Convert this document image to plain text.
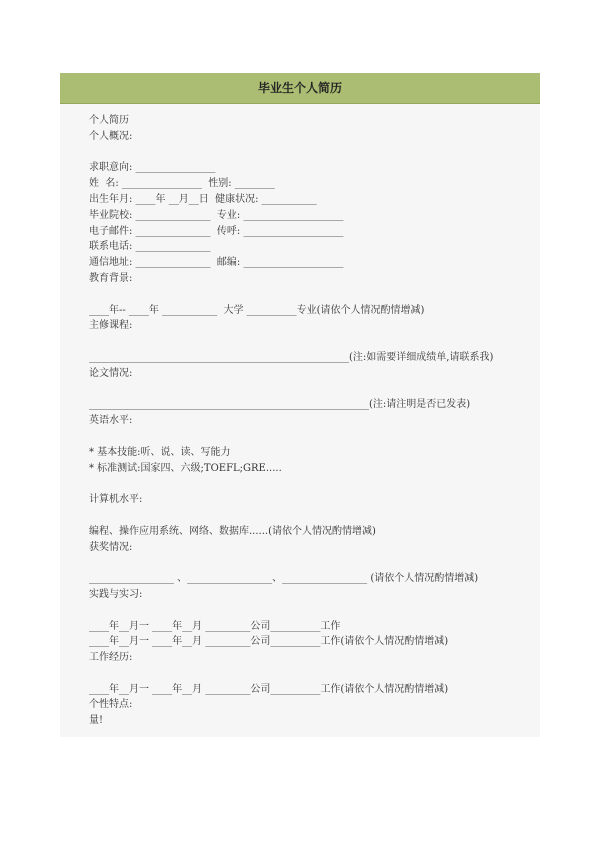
毕业生个人简历
个人简历
个人概况:
求职意向: ________________
姓  名: ________________  性别: ________
出生年月: ____年 __月__日  健康状况: ___________
毕业院校: _______________  专业: ____________________
电子邮件: _______________  传呼: ____________________
联系电话: _______________
通信地址: _______________  邮编: ____________________
教育背景:
____年-- ____年 ___________  大学 __________专业(请依个人情况酌情增减)
主修课程:
____________________________________________________(注:如需要详细成绩单,请联系我)
论文情况:
________________________________________________________(注:请注明是否已发表)
英语水平:
* 基本技能:听、说、读、写能力
* 标准测试:国家四、六级;TOEFL;GRE.....
计算机水平:
编程、操作应用系统、网络、数据库......(请依个人情况酌情增减)
获奖情况:
_________________ 、_________________、_________________ (请依个人情况酌情增减)
实践与实习:
____年__月一 ____年__月 _________公司__________工作
____年__月一 ____年__月 _________公司__________工作(请依个人情况酌情增减)
工作经历:
____年__月一 ____年__月 _________公司__________工作(请依个人情况酌情增减)
个性特点:
量!
